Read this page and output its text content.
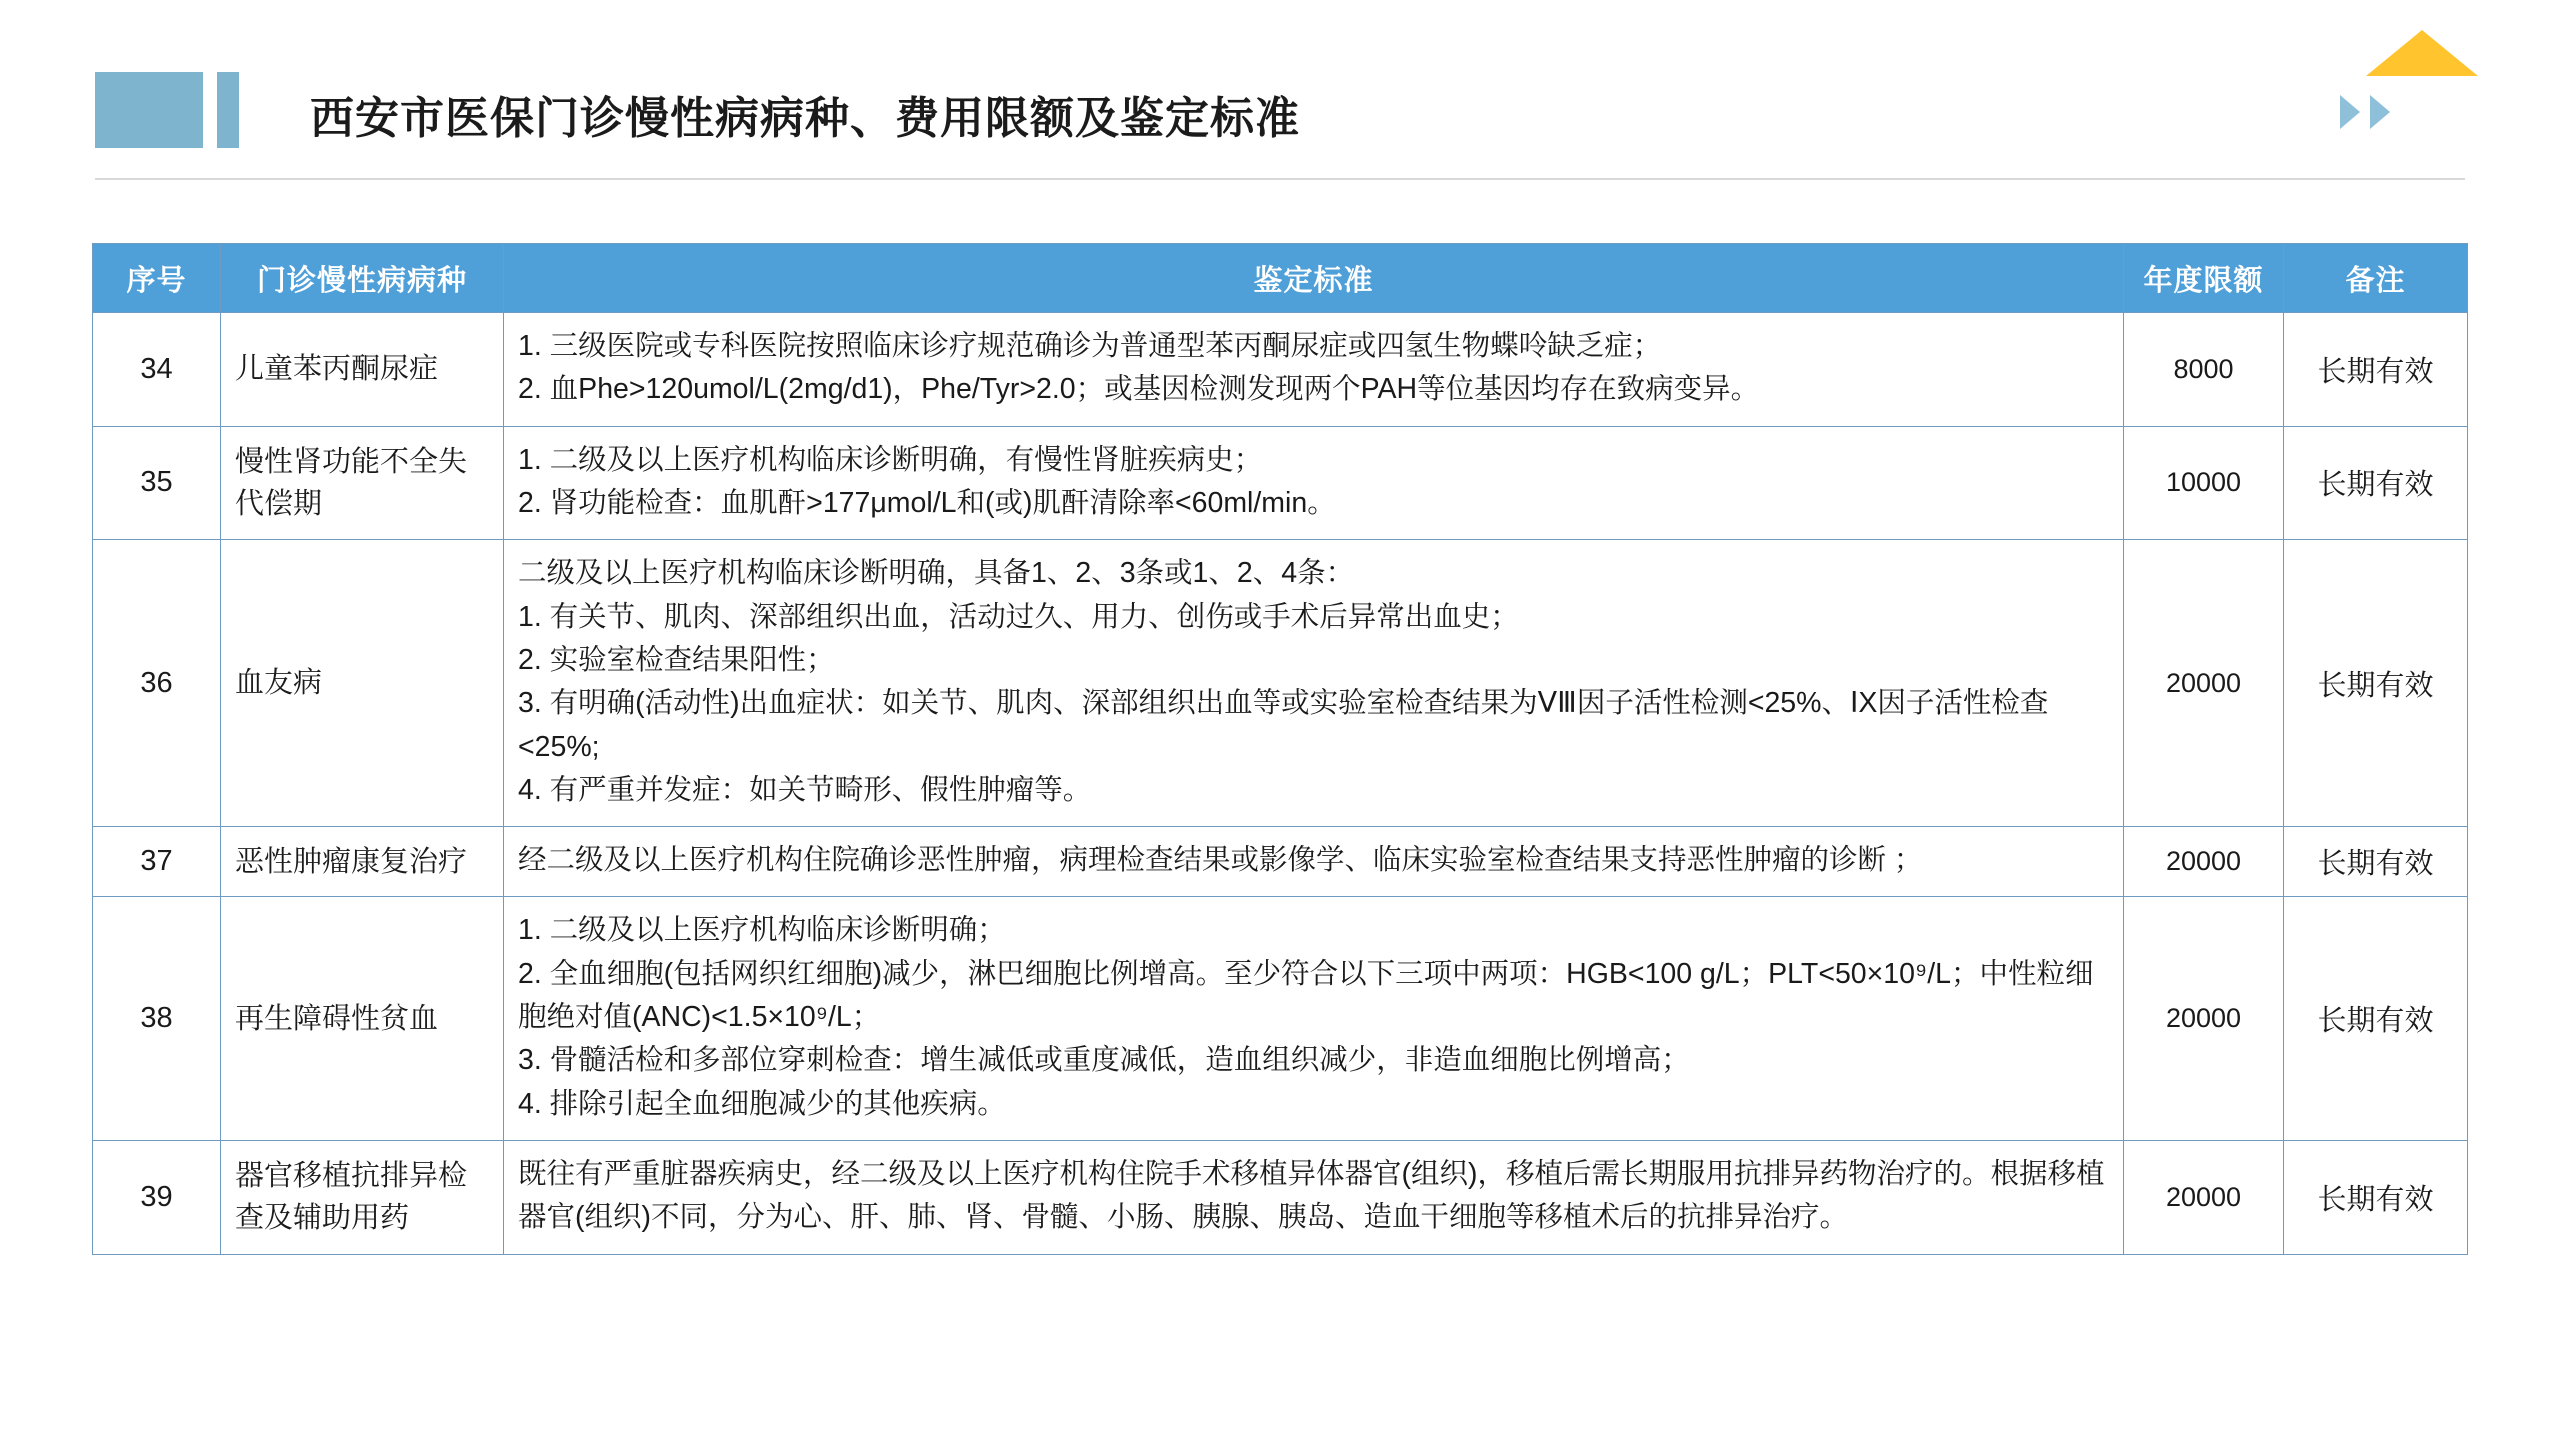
西安市医保门诊慢性病病种、费用限额及鉴定标准
序号	门诊慢性病病种	鉴定标准	年度限额	备注
34	儿童苯丙酮尿症	1. 三级医院或专科医院按照临床诊疗规范确诊为普通型苯丙酮尿症或四氢生物蝶呤缺乏症；
2. 血Phe>120umol/L(2mg/d1)，Phe/Tyr>2.0；或基因检测发现两个PAH等位基因均存在致病变异。	8000	长期有效
35	慢性肾功能不全失代偿期	1. 二级及以上医疗机构临床诊断明确，有慢性肾脏疾病史；
2. 肾功能检查：血肌酐>177μmol/L和(或)肌酐清除率<60ml/min。	10000	长期有效
36	血友病	二级及以上医疗机构临床诊断明确，具备1、2、3条或1、2、4条：
1. 有关节、肌肉、深部组织出血，活动过久、用力、创伤或手术后异常出血史；
2. 实验室检查结果阳性；
3. 有明确(活动性)出血症状：如关节、肌肉、深部组织出血等或实验室检查结果为ⅤⅢ因子活性检测<25%、ⅠX因子活性检查<25%;
4. 有严重并发症：如关节畸形、假性肿瘤等。	20000	长期有效
37	恶性肿瘤康复治疗	经二级及以上医疗机构住院确诊恶性肿瘤，病理检查结果或影像学、临床实验室检查结果支持恶性肿瘤的诊断 ；	20000	长期有效
38	再生障碍性贫血	1. 二级及以上医疗机构临床诊断明确；
2. 全血细胞(包括网织红细胞)减少，淋巴细胞比例增高。至少符合以下三项中两项：HGB<100 g/L；PLT<50×10⁹/L；中性粒细胞绝对值(ANC)<1.5×10⁹/L；
3. 骨髓活检和多部位穿刺检查：增生减低或重度减低，造血组织减少，非造血细胞比例增高；
4. 排除引起全血细胞减少的其他疾病。	20000	长期有效
39	器官移植抗排异检查及辅助用药	既往有严重脏器疾病史，经二级及以上医疗机构住院手术移植异体器官(组织)，移植后需长期服用抗排异药物治疗的。根据移植器官(组织)不同，分为心、肝、肺、肾、骨髓、小肠、胰腺、胰岛、造血干细胞等移植术后的抗排异治疗。	20000	长期有效
